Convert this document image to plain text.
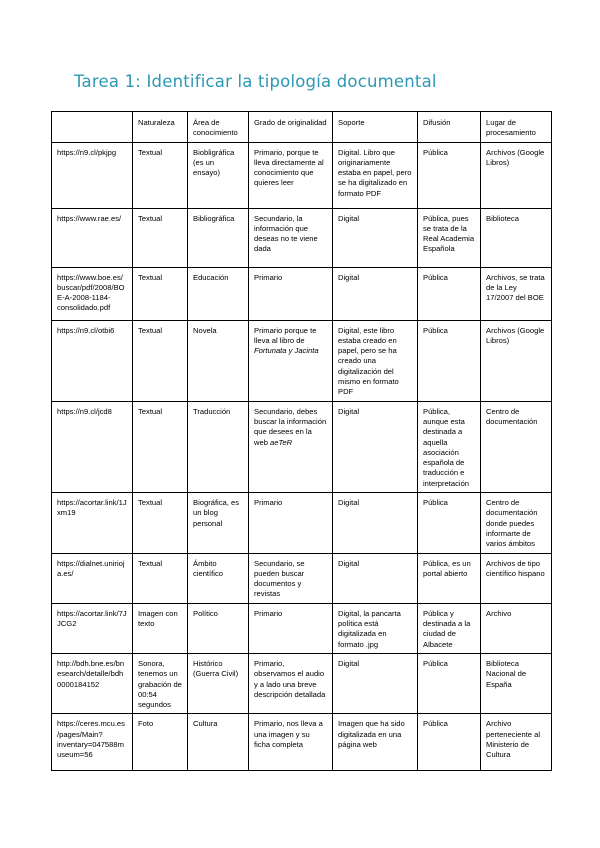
Tarea 1: Identificar la tipología documental
	Naturaleza	Área de conocimiento	Grado de originalidad	Soporte	Difusión	Lugar de procesamiento
https://n9.cl/pkjpg	Textual	Biobligráfica (es un ensayo)	Primario, porque te lleva directamente al conocimiento que quieres leer	Digital. Libro que originariamente estaba en papel, pero se ha digitalizado en formato PDF	Pública	Archivos (Google Libros)
https://www.rae.es/	Textual	Bibliográfica	Secundario, la información que deseas no te viene dada	Digital	Pública, pues se trata de la Real Academia Española	Biblioteca
https://www.boe.es/buscar/pdf/2008/BOE-A-2008-1184-consolidado.pdf	Textual	Educación	Primario	Digital	Pública	Archivos, se trata de la Ley 17/2007 del BOE
https://n9.cl/otbi6	Textual	Novela	Primario porque te lleva al libro de Fortunata y Jacinta	Digital, este libro estaba creado en papel, pero se ha creado una digitalización del mismo en formato PDF	Pública	Archivos (Google Libros)
https://n9.cl/jcd8	Textual	Traducción	Secundario, debes buscar la información que desees en la web aeTeR	Digital	Pública, aunque esta destinada a aquella asociación española de traducción e interpretación	Centro de documentación
https://acortar.link/1Jxm19	Textual	Biográfica, es un blog personal	Primario	Digital	Pública	Centro de documentación donde puedes informarte de varios ámbitos
https://dialnet.unirioja.es/	Textual	Ámbito científico	Secundario, se pueden buscar documentos y revistas	Digital	Pública, es un portal abierto	Archivos de tipo científico hispano
https://acortar.link/7JJCG2	Imagen con texto	Político	Primario	Digital, la pancarta política está digitalizada en formato .jpg	Pública y destinada a la ciudad de Albacete	Archivo
http://bdh.bne.es/bnesearch/detalle/bdh0000184152	Sonora, tenemos un grabación de 00:54 segundos	Histórico (Guerra Civil)	Primario, observamos el audio y a lado una breve descripción detallada	Digital	Pública	Biblioteca Nacional de España
https://ceres.mcu.es/pages/Main?inventary=047588museum=56	Foto	Cultura	Primario, nos lleva a una imagen y su ficha completa	Imagen que ha sido digitalizada en una página web	Pública	Archivo perteneciente al Ministerio de Cultura
